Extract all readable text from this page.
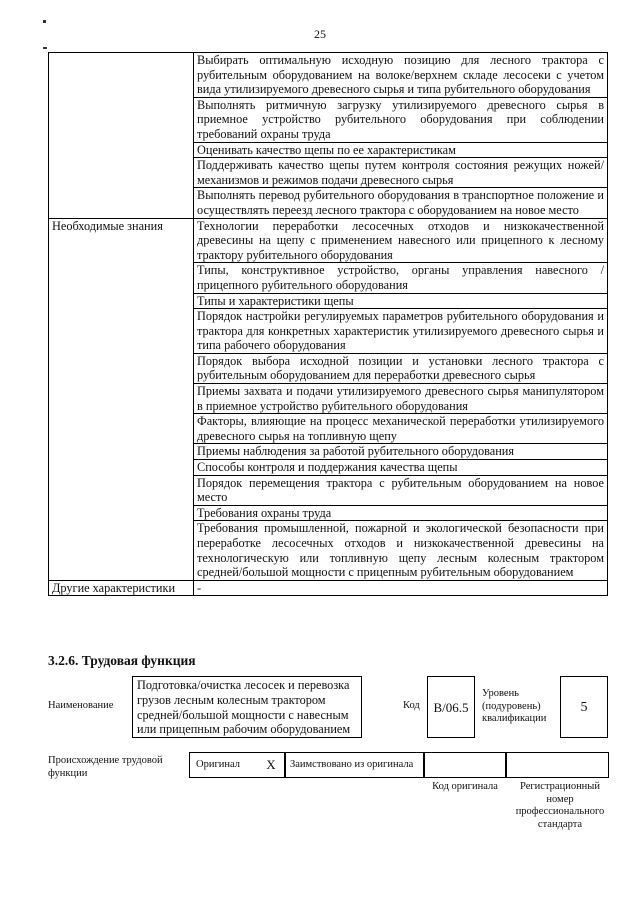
25
	Выбирать оптимальную исходную позицию для лесного трактора с рубительным оборудованием на волоке/верхнем складе лесосеки с учетом вида утилизируемого древесного сырья и типа рубительного оборудования
	Выполнять ритмичную загрузку утилизируемого древесного сырья в приемное устройство рубительного оборудования при соблюдении требований охраны труда
	Оценивать качество щепы по ее характеристикам
	Поддерживать качество щепы путем контроля состояния режущих ножей/механизмов и режимов подачи древесного сырья
	Выполнять перевод рубительного оборудования в транспортное положение и осуществлять переезд лесного трактора с оборудованием на новое место
Необходимые знания	Технологии переработки лесосечных отходов и низкокачественной древесины на щепу с применением навесного или прицепного к лесному трактору рубительного оборудования
	Типы, конструктивное устройство, органы управления навесного /прицепного рубительного оборудования
	Типы и характеристики щепы
	Порядок настройки регулируемых параметров рубительного оборудования и трактора для конкретных характеристик утилизируемого древесного сырья и типа рабочего оборудования
	Порядок выбора исходной позиции и установки лесного трактора с рубительным оборудованием для переработки древесного сырья
	Приемы захвата и подачи утилизируемого древесного сырья манипулятором в приемное устройство рубительного оборудования
	Факторы, влияющие на процесс механической переработки утилизируемого древесного сырья на топливную щепу
	Приемы наблюдения за работой рубительного оборудования
	Способы контроля и поддержания качества щепы
	Порядок перемещения трактора с рубительным оборудованием на новое место
	Требования охраны труда
	Требования промышленной, пожарной и экологической безопасности при переработке лесосечных отходов и низкокачественной древесины на технологическую или топливную щепу лесным колесным трактором средней/большой мощности с прицепным рубительным оборудованием
Другие характеристики	-
3.2.6. Трудовая функция
Наименование
Подготовка/очистка лесосек и перевозка грузов лесным колесным трактором средней/большой мощности с навесным или прицепным рабочим оборудованием
Код	B/06.5
Уровень (подуровень) квалификации
5
Происхождение трудовой функции
Оригинал	X	Заимствовано из оригинала
Код оригинала	Регистрационный номер профессионального стандарта
